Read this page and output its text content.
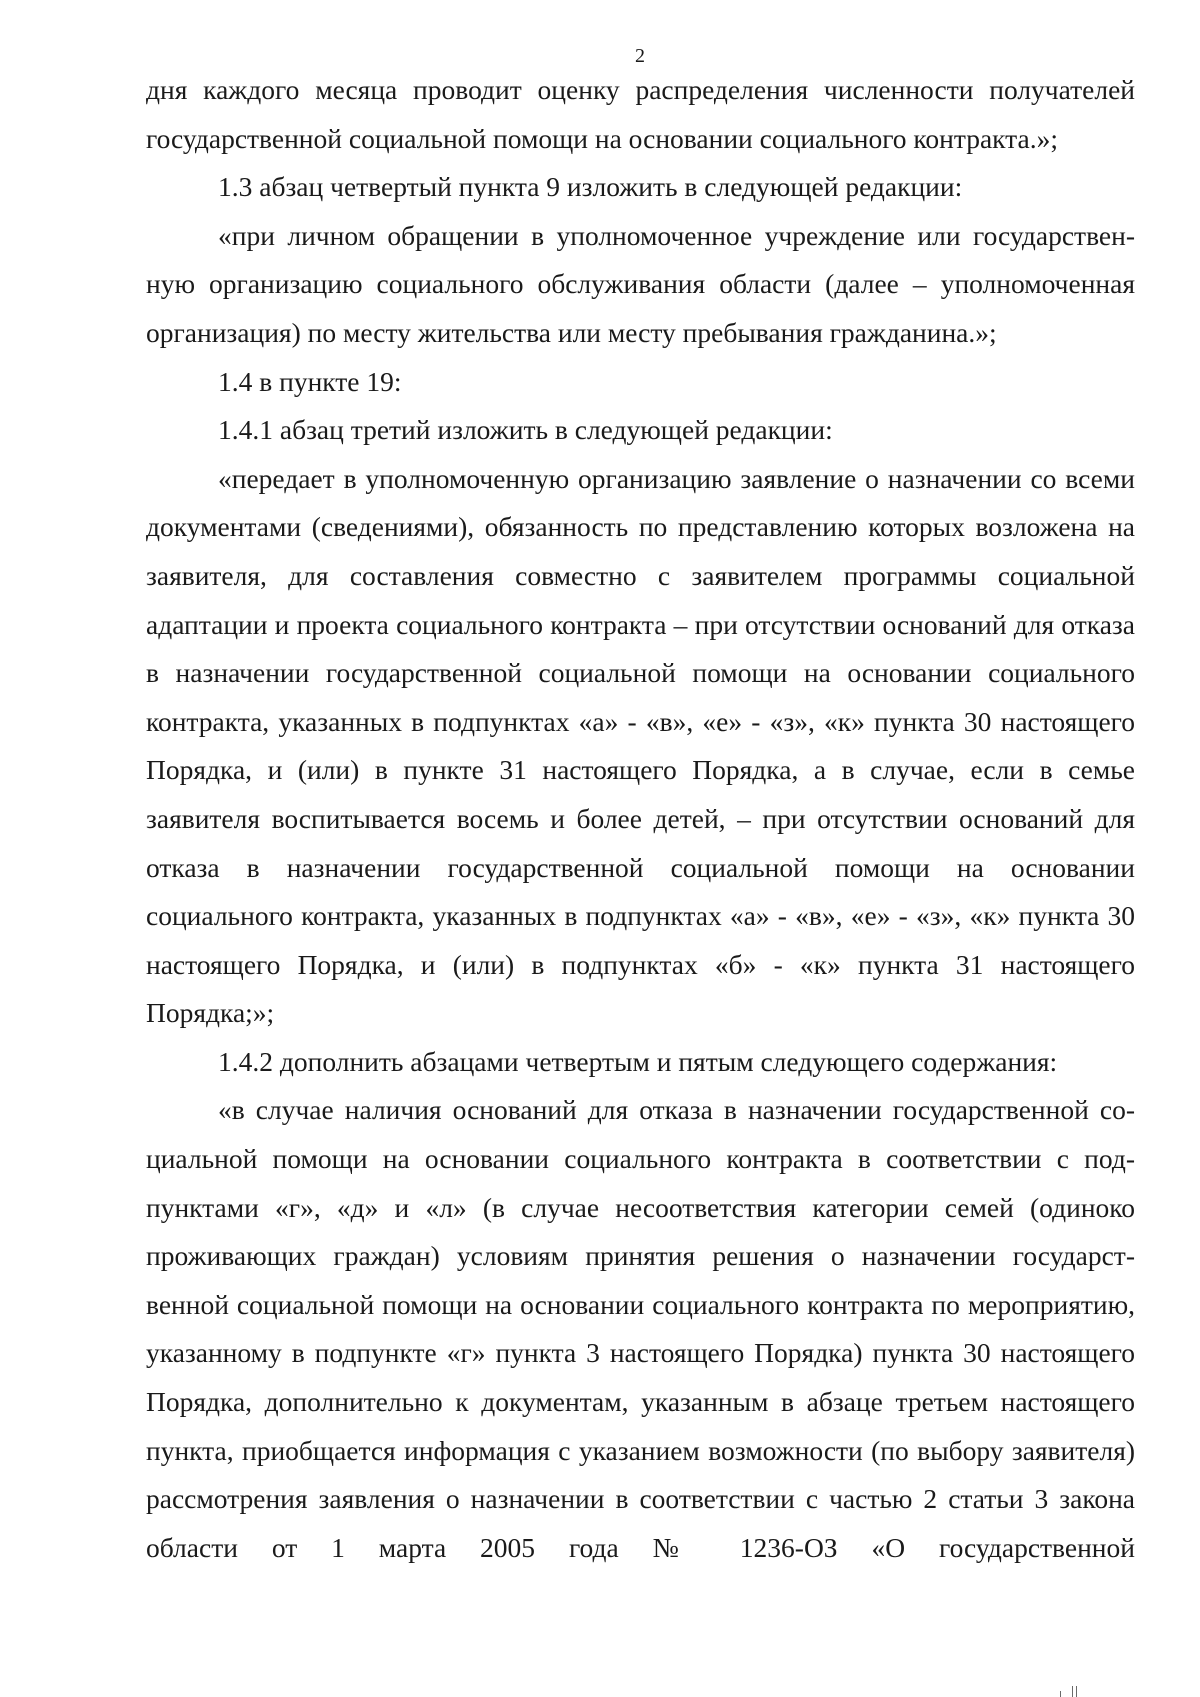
2

дня каждого месяца проводит оценку распределения численности получателей государственной социальной помощи на основании социального контракта.»;

1.3 абзац четвертый пункта 9 изложить в следующей редакции:

«при личном обращении в уполномоченное учреждение или государственную организацию социального обслуживания области (далее – уполномоченная организация) по месту жительства или месту пребывания гражданина.»;

1.4 в пункте 19:

1.4.1 абзац третий изложить в следующей редакции:

«передает в уполномоченную организацию заявление о назначении со всеми документами (сведениями), обязанность по представлению которых возложена на заявителя, для составления совместно с заявителем программы социальной адаптации и проекта социального контракта – при отсутствии оснований для отказа в назначении государственной социальной помощи на основании социального контракта, указанных в подпунктах «а» - «в», «е» - «з», «к» пункта 30 настоящего Порядка, и (или) в пункте 31 настоящего Порядка, а в случае, если в семье заявителя воспитывается восемь и более детей, – при отсутствии оснований для отказа в назначении государственной социальной помощи на основании социального контракта, указанных в подпунктах «а» - «в», «е» - «з», «к» пункта 30 настоящего Порядка, и (или) в подпунктах «б» - «к» пункта 31 настоящего Порядка;»;

1.4.2 дополнить абзацами четвертым и пятым следующего содержания:

«в случае наличия оснований для отказа в назначении государственной социальной помощи на основании социального контракта в соответствии с подпунктами «г», «д» и «л» (в случае несоответствия категории семей (одиноко проживающих граждан) условиям принятия решения о назначении государственной социальной помощи на основании социального контракта по мероприятию, указанному в подпункте «г» пункта 3 настоящего Порядка) пункта 30 настоящего Порядка, дополнительно к документам, указанным в абзаце третьем настоящего пункта, приобщается информация с указанием возможности (по выбору заявителя) рассмотрения заявления о назначении в соответствии с частью 2 статьи 3 закона области от 1 марта 2005 года № 1236-ОЗ «О государственной
